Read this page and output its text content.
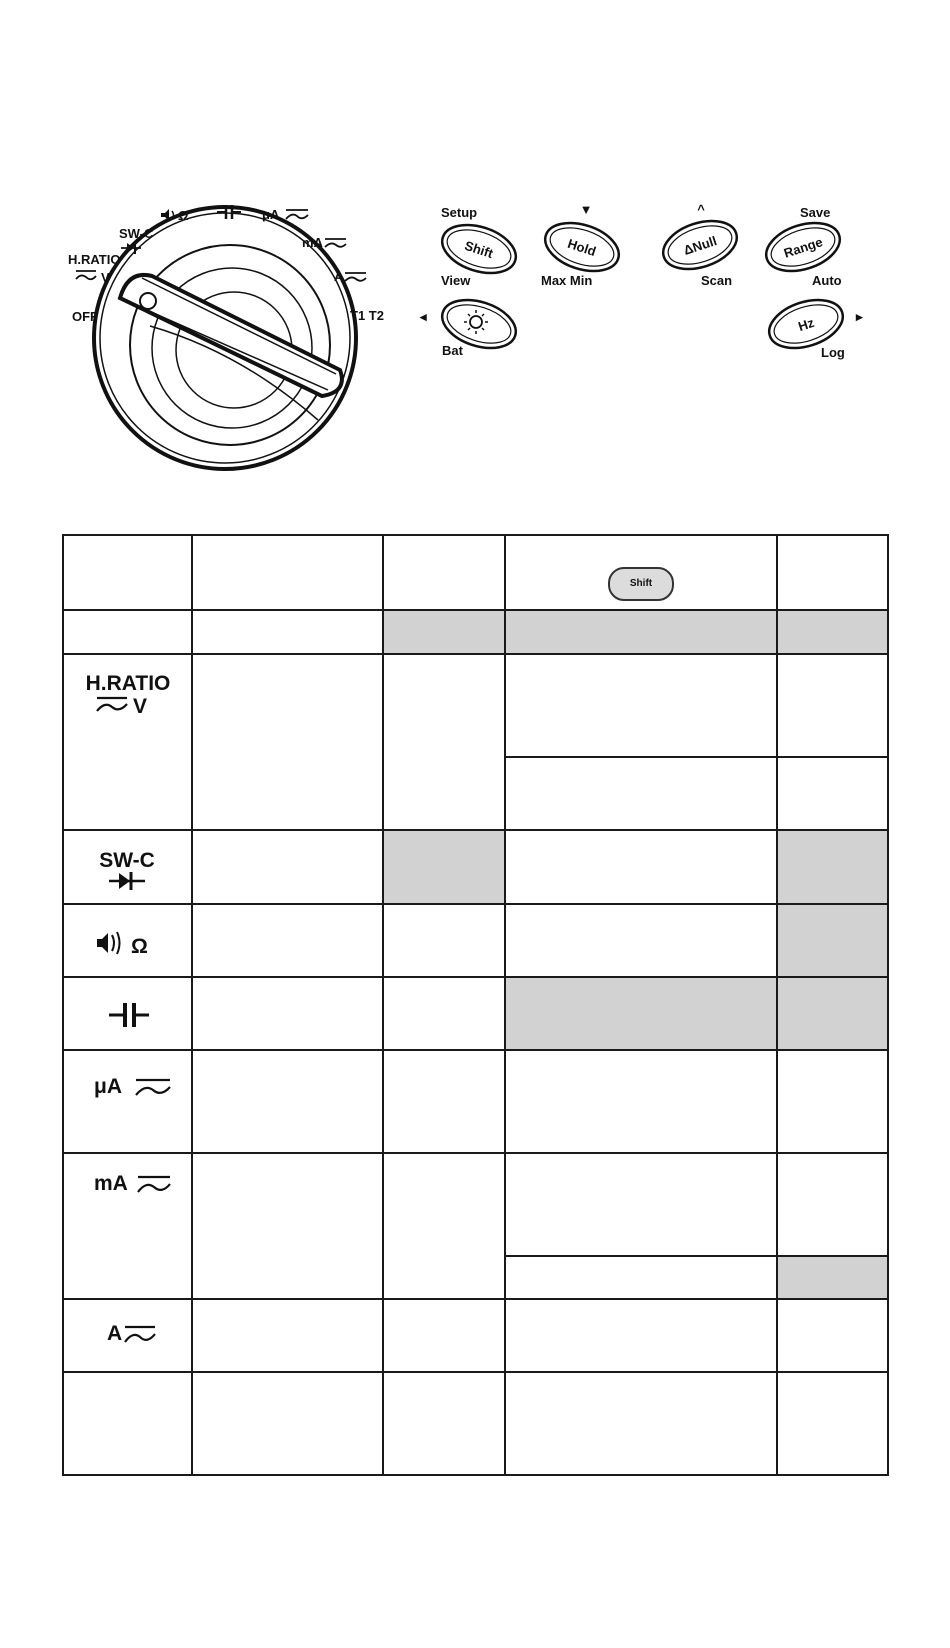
OFF
H.RATIO
V
SW-C
Ω	μA
mA
A
T1 T2
Setup
Shift
View
▼
Hold
Max Min
^
ΔNull
Scan
Save
Range
Auto
◂
Bat
Hz	▸
Log
			Shift	

H.RATIO
V				

SW-C				

Ω				

μA				

mA				

A				
